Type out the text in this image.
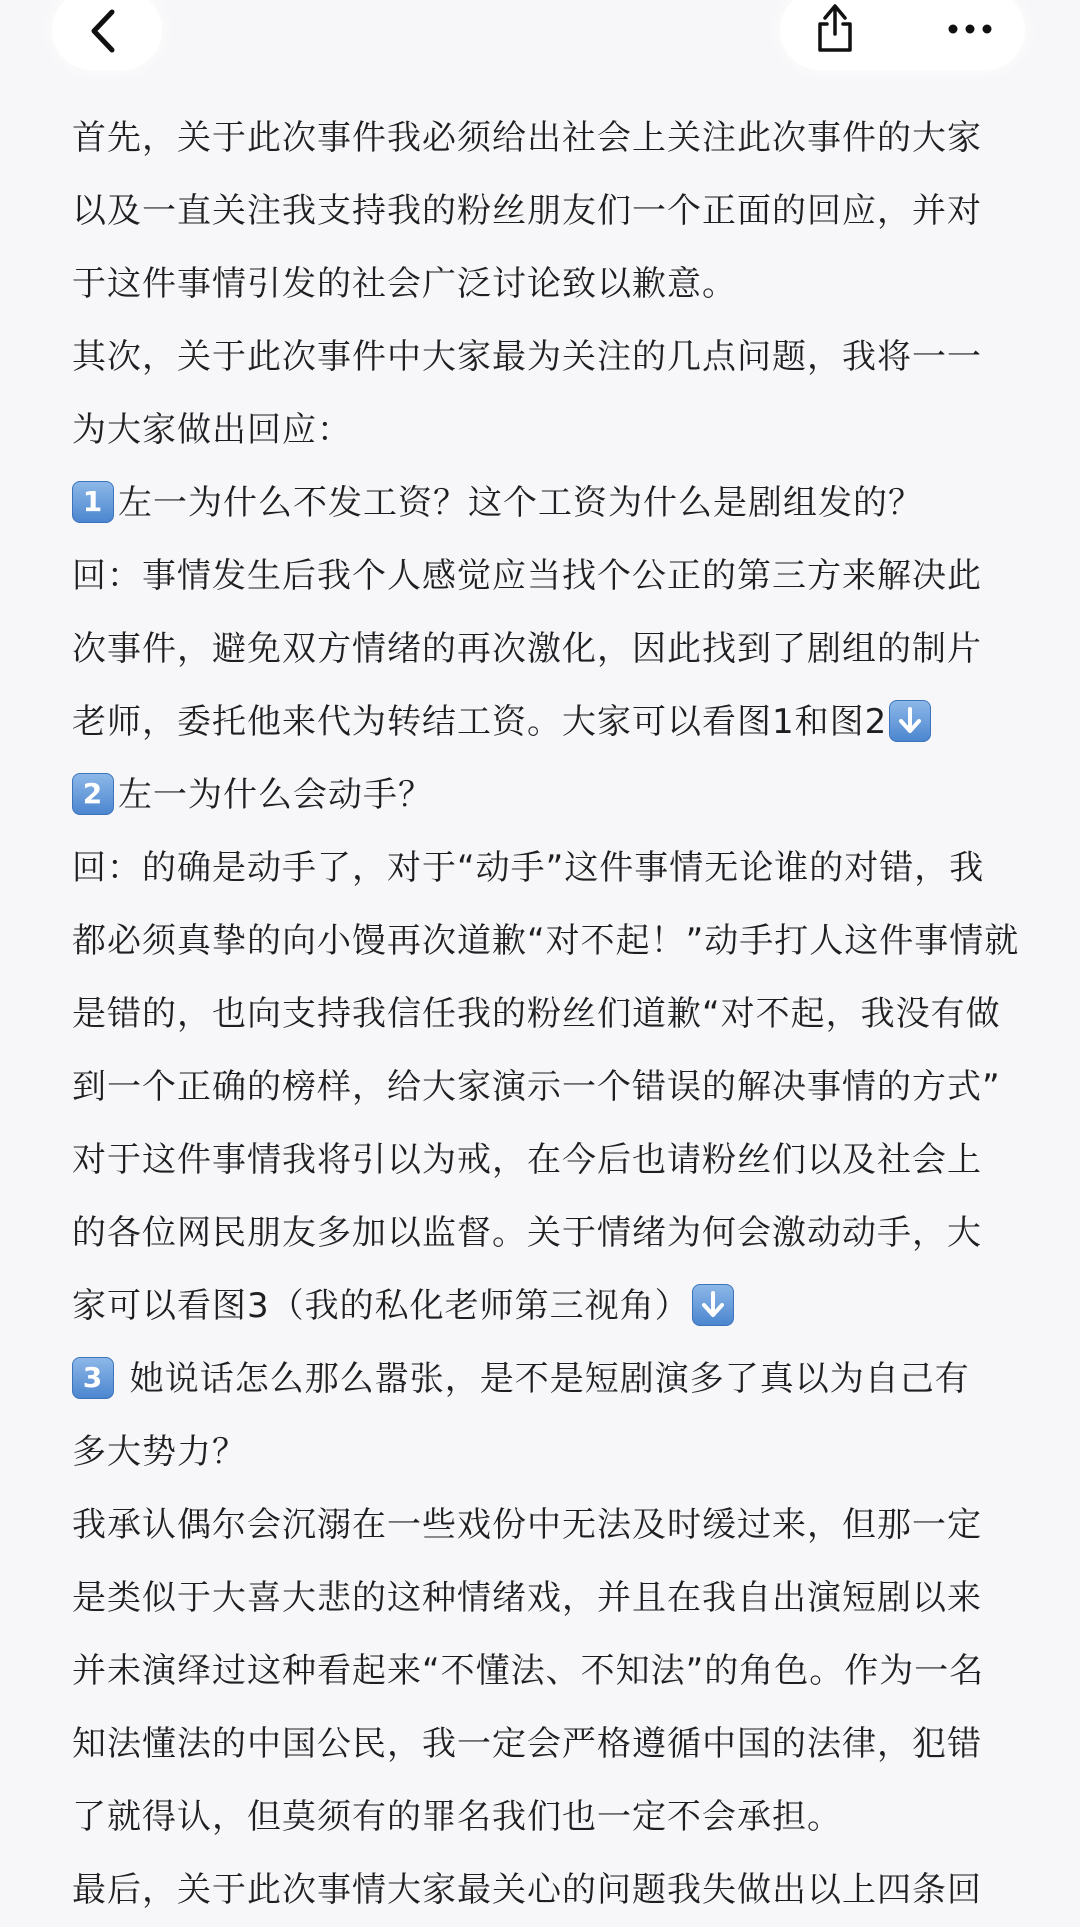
首先，关于此次事件我必须给出社会上关注此次事件的大家
以及一直关注我支持我的粉丝朋友们一个正面的回应，并对
于这件事情引发的社会广泛讨论致以歉意。
其次，关于此次事件中大家最为关注的几点问题，我将一一
为大家做出回应：
1 左一为什么不发工资？这个工资为什么是剧组发的？
回：事情发生后我个人感觉应当找个公正的第三方来解决此
次事件，避免双方情绪的再次激化，因此找到了剧组的制片
老师，委托他来代为转结工资。大家可以看图1和图2
2 左一为什么会动手？
回：的确是动手了，对于“动手”这件事情无论谁的对错，我
都必须真挚的向小馒再次道歉“对不起！”动手打人这件事情就
是错的，也向支持我信任我的粉丝们道歉“对不起，我没有做
到一个正确的榜样，给大家演示一个错误的解决事情的方式”
对于这件事情我将引以为戒，在今后也请粉丝们以及社会上
的各位网民朋友多加以监督。关于情绪为何会激动动手，大
家可以看图3（我的私化老师第三视角）
3 她说话怎么那么嚣张，是不是短剧演多了真以为自己有
多大势力？
我承认偶尔会沉溺在一些戏份中无法及时缓过来，但那一定
是类似于大喜大悲的这种情绪戏，并且在我自出演短剧以来
并未演绎过这种看起来“不懂法、不知法”的角色。作为一名
知法懂法的中国公民，我一定会严格遵循中国的法律，犯错
了就得认，但莫须有的罪名我们也一定不会承担。
最后，关于此次事情大家最关心的问题我失做出以上四条回
